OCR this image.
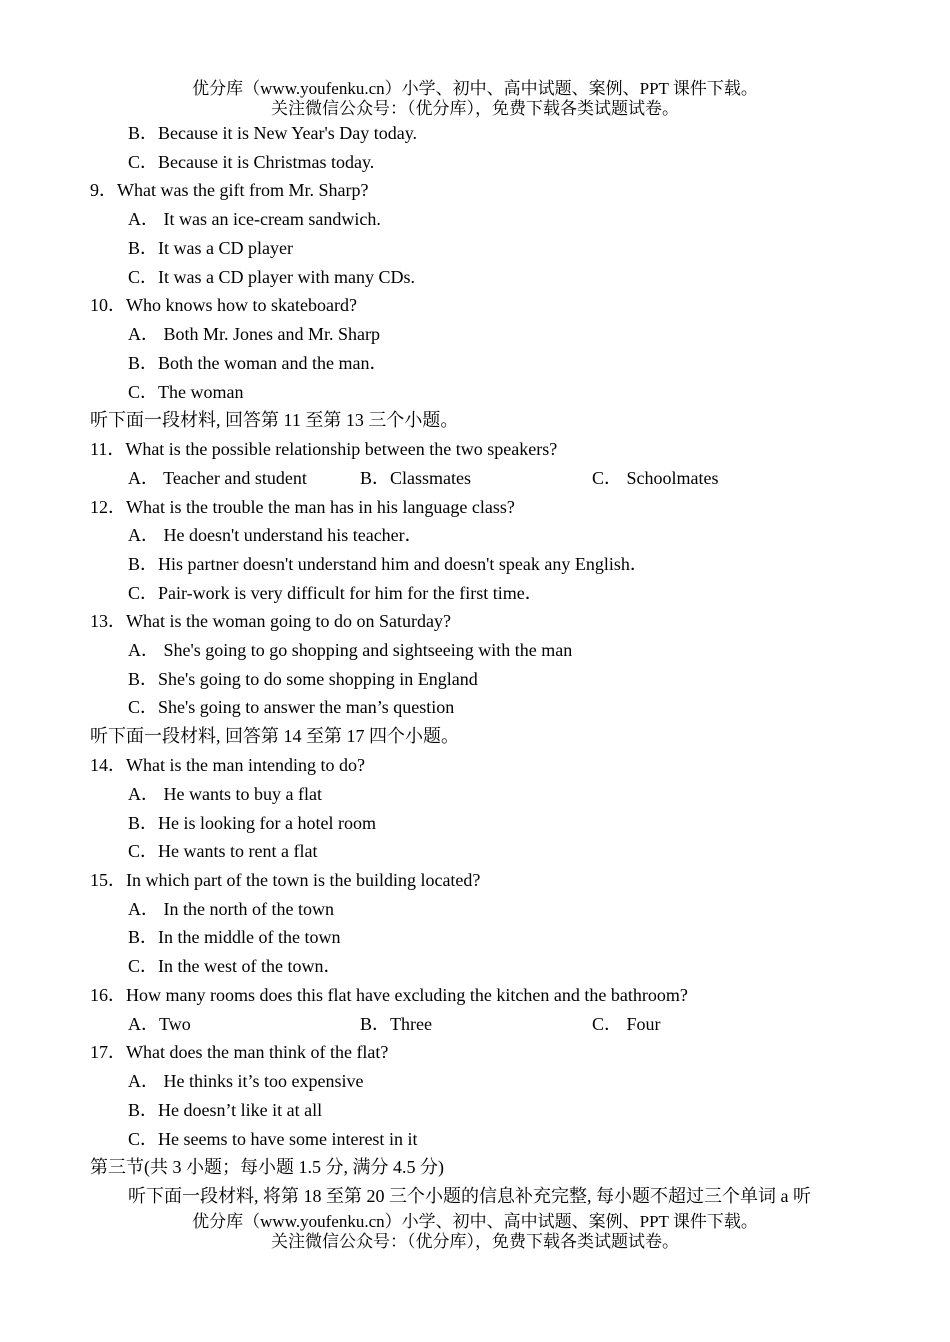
优分库（www.youfenku.cn）小学、初中、高中试题、案例、PPT 课件下载。
关注微信公众号：（优分库），免费下载各类试题试卷。
B．Because it is New Year's Day today.
C．Because it is Christmas today.
9．What was the gift from Mr. Sharp?
A． It was an ice-cream sandwich.
B．It was a CD player
C．It was a CD player with many CDs.
10．Who knows how to skateboard?
A． Both Mr. Jones and Mr. Sharp
B．Both the woman and the man．
C．The woman
听下面一段材料, 回答第 11 至第 13 三个小题。
11．What is the possible relationship between the two speakers?
A． Teacher and student	B．Classmates	C． Schoolmates
12．What is the trouble the man has in his language class?
A． He doesn't understand his teacher．
B．His partner doesn't understand him and doesn't speak any English．
C．Pair-work is very difficult for him for the first time．
13．What is the woman going to do on Saturday?
A． She's going to go shopping and sightseeing with the man
B．She's going to do some shopping in England
C．She's going to answer the man’s question
听下面一段材料, 回答第 14 至第 17 四个小题。
14．What is the man intending to do?
A． He wants to buy a flat
B．He is looking for a hotel room
C．He wants to rent a flat
15．In which part of the town is the building located?
A． In the north of the town
B．In the middle of the town
C．In the west of the town．
16．How many rooms does this flat have excluding the kitchen and the bathroom?
A．Two	B．Three	C． Four
17．What does the man think of the flat?
A． He thinks it’s too expensive
B．He doesn’t like it at all
C．He seems to have some interest in it
第三节(共 3 小题；每小题 1.5 分, 满分 4.5 分)
听下面一段材料, 将第 18 至第 20 三个小题的信息补充完整, 每小题不超过三个单词 a 听
优分库（www.youfenku.cn）小学、初中、高中试题、案例、PPT 课件下载。
关注微信公众号：（优分库），免费下载各类试题试卷。
